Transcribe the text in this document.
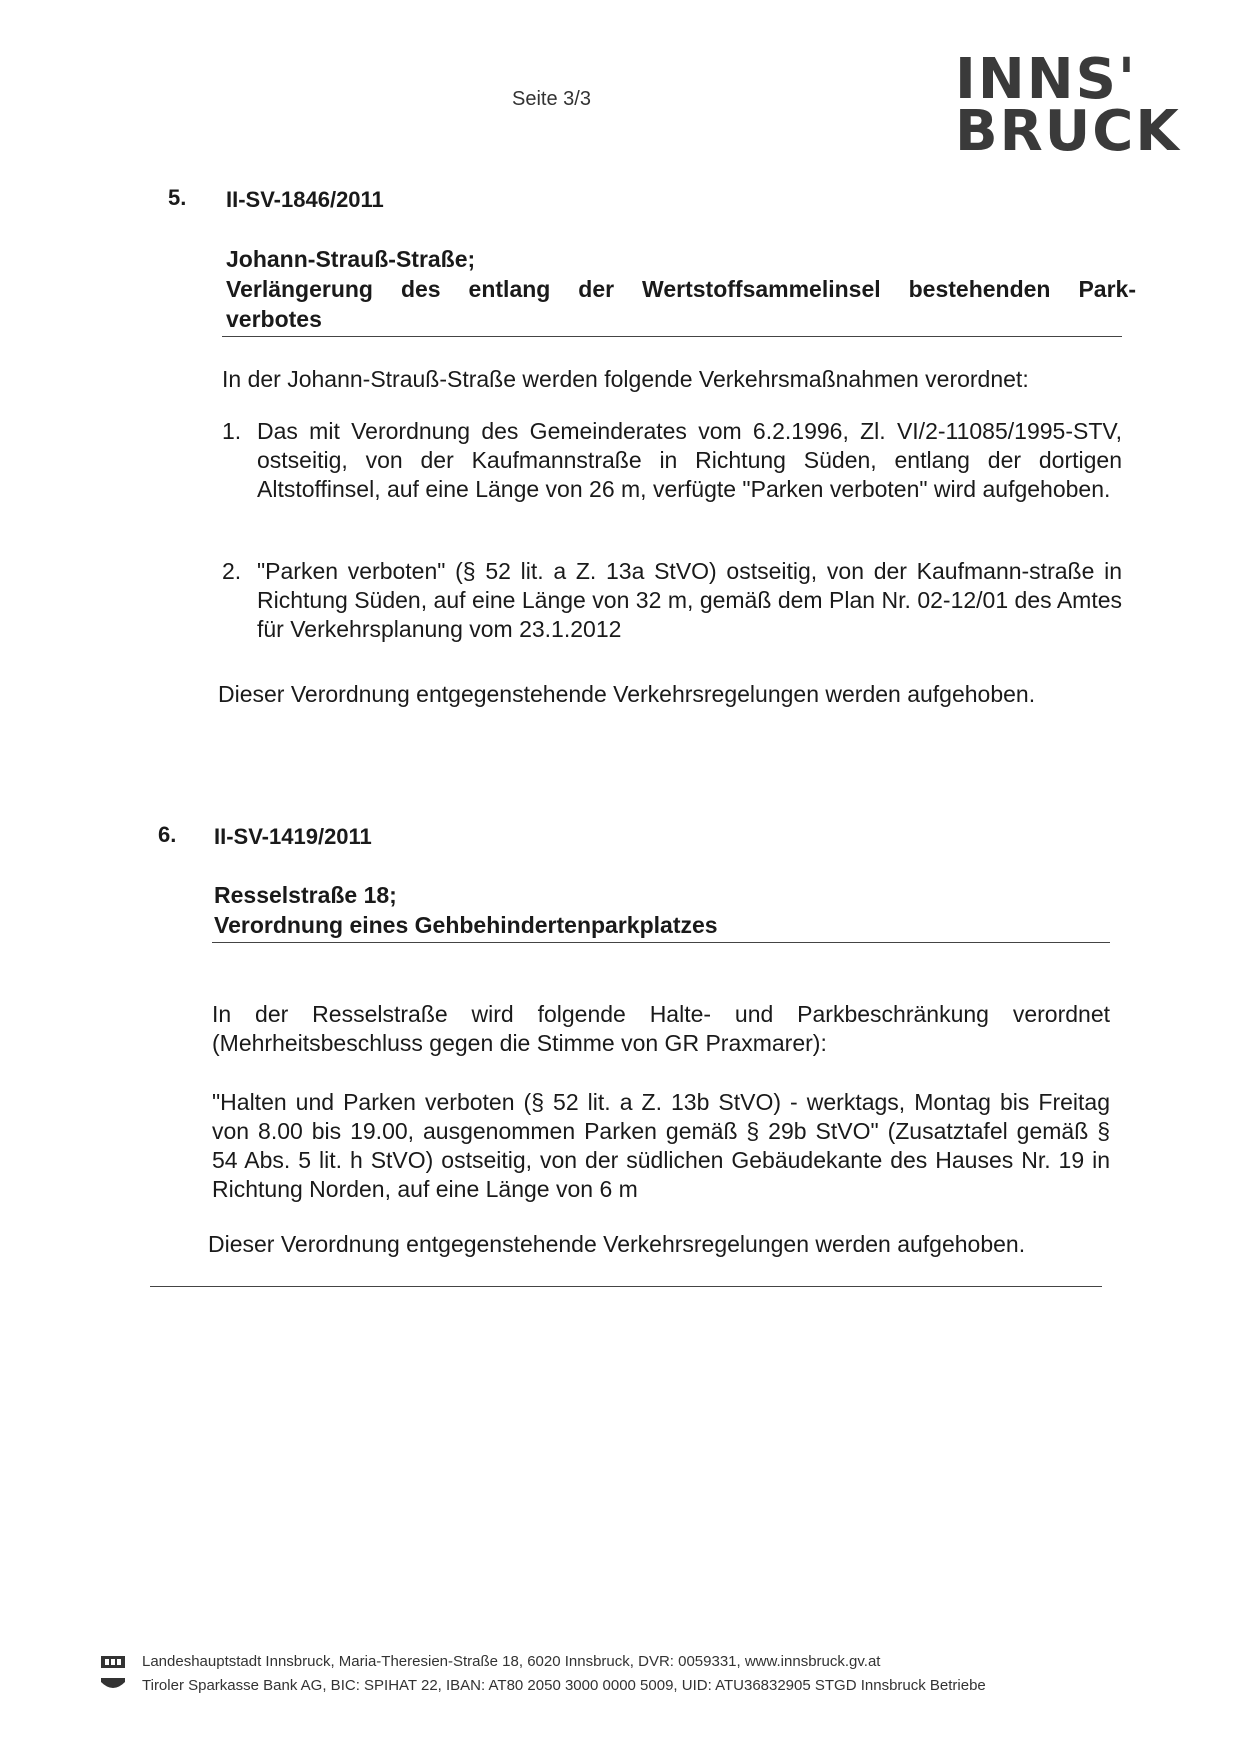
Seite 3/3	INNS'
BRUCK
5. II-SV-1846/2011
Johann-Strauß-Straße;
Verlängerung des entlang der Wertstoffsammelinsel bestehenden Park-
verbotes
In der Johann-Strauß-Straße werden folgende Verkehrsmaßnahmen verordnet:
1. Das mit Verordnung des Gemeinderates vom 6.2.1996, Zl. VI/2-11085/1995-STV, ostseitig, von der Kaufmannstraße in Richtung Süden, entlang der dortigen Altstoffinsel, auf eine Länge von 26 m, verfügte "Parken verboten" wird aufgehoben.
2. "Parken verboten" (§ 52 lit. a Z. 13a StVO) ostseitig, von der Kaufmann-straße in Richtung Süden, auf eine Länge von 32 m, gemäß dem Plan Nr. 02-12/01 des Amtes für Verkehrsplanung vom 23.1.2012
Dieser Verordnung entgegenstehende Verkehrsregelungen werden aufgehoben.
6. II-SV-1419/2011
Resselstraße 18;
Verordnung eines Gehbehindertenparkplatzes
In der Resselstraße wird folgende Halte- und Parkbeschränkung verordnet (Mehrheitsbeschluss gegen die Stimme von GR Praxmarer):
"Halten und Parken verboten (§ 52 lit. a Z. 13b StVO) - werktags, Montag bis Freitag von 8.00 bis 19.00, ausgenommen Parken gemäß § 29b StVO" (Zusatztafel gemäß § 54 Abs. 5 lit. h StVO) ostseitig, von der südlichen Gebäudekante des Hauses Nr. 19 in Richtung Norden, auf eine Länge von 6 m
Dieser Verordnung entgegenstehende Verkehrsregelungen werden aufgehoben.
Landeshauptstadt Innsbruck, Maria-Theresien-Straße 18, 6020 Innsbruck, DVR: 0059331, www.innsbruck.gv.at
Tiroler Sparkasse Bank AG, BIC: SPIHAT 22, IBAN: AT80 2050 3000 0000 5009, UID: ATU36832905 STGD Innsbruck Betriebe
